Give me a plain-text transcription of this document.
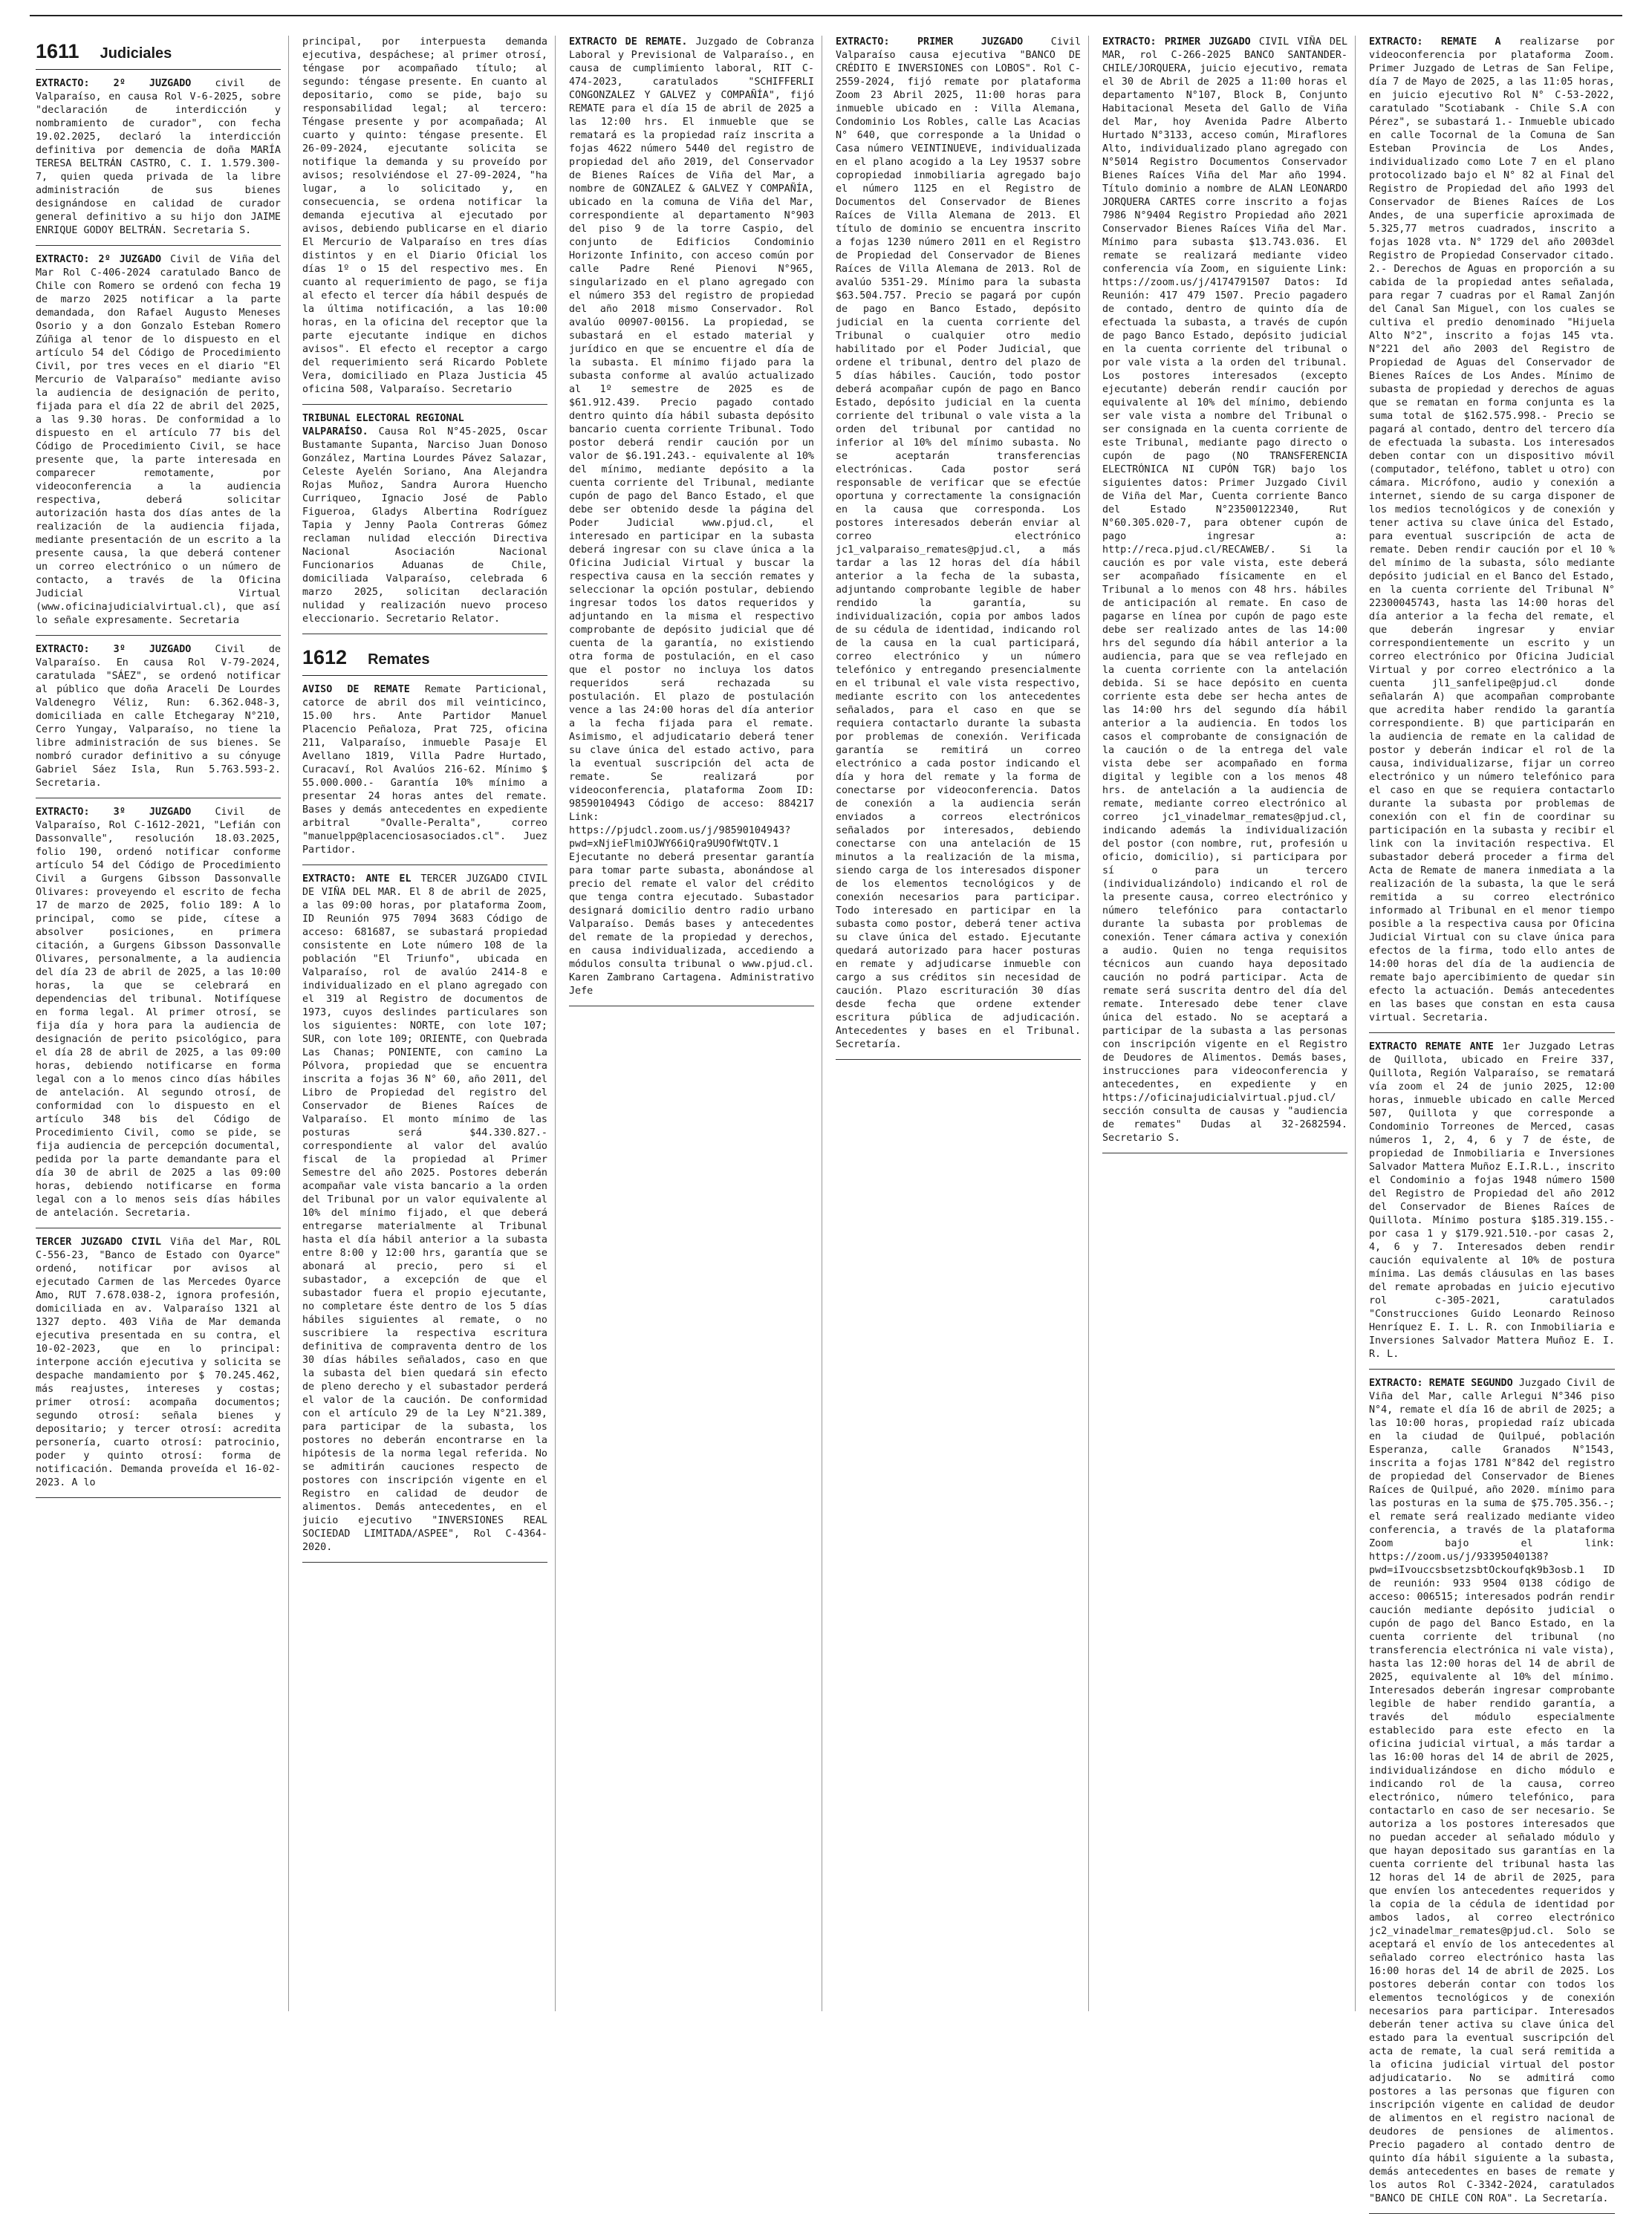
1611 Judiciales

EXTRACTO: 2º JUZGADO civil de Valparaíso, en causa Rol V-6-2025, sobre "declaración de interdicción y nombramiento de curador", con fecha 19.02.2025, declaró la interdicción definitiva por demencia de doña MARÍA TERESA BELTRÁN CASTRO, C. I. 1.579.300-7, quien queda privada de la libre administración de sus bienes designándose en calidad de curador general definitivo a su hijo don JAIME ENRIQUE GODOY BELTRÁN. Secretaria S.

EXTRACTO: 2º JUZGADO Civil de Viña del Mar Rol C-406-2024 caratulado Banco de Chile con Romero se ordenó con fecha 19 de marzo 2025 notificar a la parte demandada, don Rafael Augusto Meneses Osorio y a don Gonzalo Esteban Romero Zúñiga al tenor de lo dispuesto en el artículo 54 del Código de Procedimiento Civil, por tres veces en el diario "El Mercurio de Valparaíso" mediante aviso la audiencia de designación de perito, fijada para el día 22 de abril del 2025, a las 9.30 horas. De conformidad a lo dispuesto en el artículo 77 bis del Código de Procedimiento Civil, se hace presente que, la parte interesada en comparecer remotamente, por videoconferencia a la audiencia respectiva, deberá solicitar autorización hasta dos días antes de la realización de la audiencia fijada, mediante presentación de un escrito a la presente causa, la que deberá contener un correo electrónico o un número de contacto, a través de la Oficina Judicial Virtual (www.oficinajudicialvirtual.cl), que así lo señale expresamente. Secretaria

EXTRACTO: 3º JUZGADO Civil de Valparaíso. En causa Rol V-79-2024, caratulada "SÁEZ", se ordenó notificar al público que doña Araceli De Lourdes Valdenegro Véliz, Run: 6.362.048-3, domiciliada en calle Etchegaray N°210, Cerro Yungay, Valparaíso, no tiene la libre administración de sus bienes. Se nombró curador definitivo a su cónyuge Gabriel Sáez Isla, Run 5.763.593-2. Secretaria.

EXTRACTO: 3º JUZGADO Civil de Valparaíso, Rol C-1612-2021, "Lefián con Dassonvalle", resolución 18.03.2025, folio 190, ordenó notificar conforme artículo 54 del Código de Procedimiento Civil a Gurgens Gibsson Dassonvalle Olivares: proveyendo el escrito de fecha 17 de marzo de 2025, folio 189: A lo principal, como se pide, cítese a absolver posiciones, en primera citación, a Gurgens Gibsson Dassonvalle Olivares, personalmente, a la audiencia del día 23 de abril de 2025, a las 10:00 horas, la que se celebrará en dependencias del tribunal. Notifíquese en forma legal. Al primer otrosí, se fija día y hora para la audiencia de designación de perito psicológico, para el día 28 de abril de 2025, a las 09:00 horas, debiendo notificarse en forma legal con a lo menos cinco días hábiles de antelación. Al segundo otrosí, de conformidad con lo dispuesto en el artículo 348 bis del Código de Procedimiento Civil, como se pide, se fija audiencia de percepción documental, pedida por la parte demandante para el día 30 de abril de 2025 a las 09:00 horas, debiendo notificarse en forma legal con a lo menos seis días hábiles de antelación. Secretaria.

TERCER JUZGADO CIVIL Viña del Mar, ROL C-556-23, "Banco de Estado con Oyarce" ordenó, notificar por avisos al ejecutado Carmen de las Mercedes Oyarce Amo, RUT 7.678.038-2, ignora profesión, domiciliada en av. Valparaíso 1321 al 1327 depto. 403 Viña de Mar demanda ejecutiva presentada en su contra, el 10-02-2023, que en lo principal: interpone acción ejecutiva y solicita se despache mandamiento por $ 70.245.462, más reajustes, intereses y costas; primer otrosí: acompaña documentos; segundo otrosí: señala bienes y depositario; y tercer otrosí: acredita personería, cuarto otrosí: patrocinio, poder y quinto otrosí: forma de notificación. Demanda proveída el 16-02-2023. A lo

principal, por interpuesta demanda ejecutiva, despáchese; al primer otrosí, téngase por acompañado título; al segundo: téngase presente. En cuanto al depositario, como se pide, bajo su responsabilidad legal; al tercero: Téngase presente y por acompañada; Al cuarto y quinto: téngase presente. El 26-09-2024, ejecutante solicita se notifique la demanda y su proveído por avisos; resolviéndose el 27-09-2024, "ha lugar, a lo solicitado y, en consecuencia, se ordena notificar la demanda ejecutiva al ejecutado por avisos, debiendo publicarse en el diario El Mercurio de Valparaíso en tres días distintos y en el Diario Oficial los días 1º o 15 del respectivo mes. En cuanto al requerimiento de pago, se fija al efecto el tercer día hábil después de la última notificación, a las 10:00 horas, en la oficina del receptor que la parte ejecutante indique en dichos avisos". El efecto el receptor a cargo del requerimiento será Ricardo Poblete Vera, domiciliado en Plaza Justicia 45 oficina 508, Valparaíso. Secretario

TRIBUNAL ELECTORAL REGIONAL
VALPARAÍSO. Causa Rol N°45-2025, Oscar Bustamante Supanta, Narciso Juan Donoso González, Martina Lourdes Pávez Salazar, Celeste Ayelén Soriano, Ana Alejandra Rojas Muñoz, Sandra Aurora Huencho Curriqueo, Ignacio José de Pablo Figueroa, Gladys Albertina Rodríguez Tapia y Jenny Paola Contreras Gómez reclaman nulidad elección Directiva Nacional Asociación Nacional Funcionarios Aduanas de Chile, domiciliada Valparaíso, celebrada 6 marzo 2025, solicitan declaración nulidad y realización nuevo proceso eleccionario. Secretario Relator.

1612 Remates

AVISO DE REMATE Remate Particional, catorce de abril dos mil veinticinco, 15.00 hrs. Ante Partidor Manuel Placencio Peñaloza, Prat 725, oficina 211, Valparaíso, inmueble Pasaje El Avellano 1819, Villa Padre Hurtado, Curacaví, Rol Avalúos 216-62. Mínimo $ 55.000.000.- Garantía 10% mínimo a presentar 24 horas antes del remate. Bases y demás antecedentes en expediente arbitral "Ovalle-Peralta", correo "manuelpp@placenciosasociados.cl". Juez Partidor.

EXTRACTO: ANTE EL TERCER JUZGADO CIVIL DE VIÑA DEL MAR. El 8 de abril de 2025, a las 09:00 horas, por plataforma Zoom, ID Reunión 975 7094 3683 Código de acceso: 681687, se subastará propiedad consistente en Lote número 108 de la población "El Triunfo", ubicada en Valparaíso, rol de avalúo 2414-8 e individualizado en el plano agregado con el 319 al Registro de documentos de 1973, cuyos deslindes particulares son los siguientes: NORTE, con lote 107; SUR, con lote 109; ORIENTE, con Quebrada Las Chanas; PONIENTE, con camino La Pólvora, propiedad que se encuentra inscrita a fojas 36 N° 60, año 2011, del Libro de Propiedad del registro del Conservador de Bienes Raíces de Valparaíso. El monto mínimo de las posturas será $44.330.827.- correspondiente al valor del avalúo fiscal de la propiedad al Primer Semestre del año 2025. Postores deberán acompañar vale vista bancario a la orden del Tribunal por un valor equivalente al 10% del mínimo fijado, el que deberá entregarse materialmente al Tribunal hasta el día hábil anterior a la subasta entre 8:00 y 12:00 hrs, garantía que se abonará al precio, pero si el subastador, a excepción de que el subastador fuera el propio ejecutante, no completare éste dentro de los 5 días hábiles siguientes al remate, o no suscribiere la respectiva escritura definitiva de compraventa dentro de los 30 días hábiles señalados, caso en que la subasta del bien quedará sin efecto de pleno derecho y el subastador perderá el valor de la caución. De conformidad con el artículo 29 de la Ley N°21.389, para participar de la subasta, los postores no deberán encontrarse en la hipótesis de la norma legal referida. No se admitirán cauciones respecto de postores con inscripción vigente en el Registro en calidad de deudor de alimentos. Demás antecedentes, en el juicio ejecutivo "INVERSIONES REAL SOCIEDAD LIMITADA/ASPEE", Rol C-4364-2020.

EXTRACTO DE REMATE. Juzgado de Cobranza Laboral y Previsional de Valparaíso., en causa de cumplimiento laboral, RIT C-474-2023, caratulados "SCHIFFERLI CONGONZALEZ Y GALVEZ y COMPAÑÍA", fijó REMATE para el día 15 de abril de 2025 a las 12:00 hrs. El inmueble que se rematará es la propiedad raíz inscrita a fojas 4622 número 5440 del registro de propiedad del año 2019, del Conservador de Bienes Raíces de Viña del Mar, a nombre de GONZALEZ & GALVEZ Y COMPAÑÍA, ubicado en la comuna de Viña del Mar, correspondiente al departamento N°903 del piso 9 de la torre Caspio, del conjunto de Edificios Condominio Horizonte Infinito, con acceso común por calle Padre René Pienovi N°965, singularizado en el plano agregado con el número 353 del registro de propiedad del año 2018 mismo Conservador. Rol avalúo 00907-00156. La propiedad, se subastará en el estado material y jurídico en que se encuentre el día de la subasta. El mínimo fijado para la subasta conforme al avalúo actualizado al 1º semestre de 2025 es de $61.912.439. Precio pagado contado dentro quinto día hábil subasta depósito bancario cuenta corriente Tribunal. Todo postor deberá rendir caución por un valor de $6.191.243.- equivalente al 10% del mínimo, mediante depósito a la cuenta corriente del Tribunal, mediante cupón de pago del Banco Estado, el que debe ser obtenido desde la página del Poder Judicial www.pjud.cl, el interesado en participar en la subasta deberá ingresar con su clave única a la Oficina Judicial Virtual y buscar la respectiva causa en la sección remates y seleccionar la opción postular, debiendo ingresar todos los datos requeridos y adjuntando en la misma el respectivo comprobante de depósito judicial que dé cuenta de la garantía, no existiendo otra forma de postulación, en el caso que el postor no incluya los datos requeridos será rechazada su postulación. El plazo de postulación vence a las 24:00 horas del día anterior a la fecha fijada para el remate. Asimismo, el adjudicatario deberá tener su clave única del estado activo, para la eventual suscripción del acta de remate. Se realizará por videoconferencia, plataforma Zoom ID: 98590104943 Código de acceso: 884217 Link: https://pjudcl.zoom.us/j/98590104943?pwd=xNjieFlmiOJWY66iQra9U9OfWtQTV.1 Ejecutante no deberá presentar garantía para tomar parte subasta, abonándose al precio del remate el valor del crédito que tenga contra ejecutado. Subastador designará domicilio dentro radio urbano Valparaíso. Demás bases y antecedentes del remate de la propiedad y derechos, en causa individualizada, accediendo a módulos consulta tribunal o www.pjud.cl. Karen Zambrano Cartagena. Administrativo Jefe

EXTRACTO: PRIMER JUZGADO	Civil Valparaíso causa ejecutiva "BANCO DE CRÉDITO E INVERSIONES con LOBOS". Rol C-2559-2024, fijó remate por plataforma Zoom 23 Abril 2025, 11:00 horas para inmueble ubicado en : Villa Alemana, Condominio Los Robles, calle Las Acacias N° 640, que corresponde a la Unidad o Casa número VEINTINUEVE, individualizada en el plano acogido a la Ley 19537 sobre copropiedad inmobiliaria agregado bajo el número 1125 en el Registro de Documentos del Conservador de Bienes Raíces de Villa Alemana de 2013. El título de dominio se encuentra inscrito a fojas 1230 número 2011 en el Registro de Propiedad del Conservador de Bienes Raíces de Villa Alemana de 2013. Rol de avalúo 5351-29. Mínimo para la subasta $63.504.757. Precio se pagará por cupón de pago en Banco Estado, depósito judicial en la cuenta corriente del Tribunal o cualquier otro medio habilitado por el Poder Judicial, que ordene el tribunal, dentro del plazo de 5 días hábiles. Caución, todo postor deberá acompañar cupón de pago en Banco Estado, depósito judicial en la cuenta corriente del tribunal o vale vista a la orden del tribunal por cantidad no inferior al 10% del mínimo subasta. No se aceptarán transferencias electrónicas. Cada postor será responsable de verificar que se efectúe oportuna y correctamente la consignación en la causa que corresponda. Los postores interesados deberán enviar al correo electrónico jc1_valparaiso_remates@pjud.cl, a más tardar a las 12 horas del día hábil anterior a la fecha de la subasta, adjuntando comprobante legible de haber rendido la garantía, su individualización, copia por ambos lados de su cédula de identidad, indicando rol de la causa en la cual participará, correo electrónico y un número telefónico y entregando presencialmente en el tribunal el vale vista respectivo, mediante escrito con los antecedentes señalados, para el caso en que se requiera contactarlo durante la subasta por problemas de conexión. Verificada garantía se remitirá un correo electrónico a cada postor indicando el día y hora del remate y la forma de conectarse por videoconferencia. Datos de conexión a la audiencia serán enviados a correos electrónicos señalados por interesados, debiendo conectarse con una antelación de 15 minutos a la realización de la misma, siendo carga de los interesados disponer de los elementos tecnológicos y de conexión necesarios para participar. Todo interesado en participar en la subasta como postor, deberá tener activa su clave única del estado. Ejecutante quedará autorizado para hacer posturas en remate y adjudicarse inmueble con cargo a sus créditos sin necesidad de caución. Plazo escrituración 30 días desde fecha que ordene extender escritura pública de adjudicación. Antecedentes y bases en el Tribunal. Secretaría.

EXTRACTO: PRIMER JUZGADO CIVIL VIÑA DEL MAR, rol C-266-2025 BANCO SANTANDER-CHILE/JORQUERA, juicio ejecutivo, remata el 30 de Abril de 2025 a 11:00 horas el departamento N°107, Block B, Conjunto Habitacional Meseta del Gallo de Viña del Mar, hoy Avenida Padre Alberto Hurtado N°3133, acceso común, Miraflores Alto, individualizado plano agregado con N°5014 Registro Documentos Conservador Bienes Raíces Viña del Mar año 1994. Título dominio a nombre de ALAN LEONARDO JORQUERA CARTES corre inscrito a fojas 7986 N°9404 Registro Propiedad año 2021 Conservador Bienes Raíces Viña del Mar. Mínimo para subasta $13.743.036. El remate se realizará mediante video conferencia vía Zoom, en siguiente Link: https://zoom.us/j/4174791507 Datos: Id Reunión: 417 479 1507. Precio pagadero de contado, dentro de quinto día de efectuada la subasta, a través de cupón de pago Banco Estado, depósito judicial en la cuenta corriente del tribunal o por vale vista a la orden del tribunal. Los postores interesados (excepto ejecutante) deberán rendir caución por equivalente al 10% del mínimo, debiendo ser vale vista a nombre del Tribunal o ser consignada en la cuenta corriente de este Tribunal, mediante pago directo o cupón de pago (NO TRANSFERENCIA ELECTRÓNICA NI CUPÓN TGR) bajo los siguientes datos: Primer Juzgado Civil de Viña del Mar, Cuenta corriente Banco del Estado N°23500122340, Rut N°60.305.020-7, para obtener cupón de pago ingresar a: http://reca.pjud.cl/RECAWEB/. Si la caución es por vale vista, este deberá ser acompañado físicamente en el Tribunal a lo menos con 48 hrs. hábiles de anticipación al remate. En caso de pagarse en línea por cupón de pago este debe ser realizado antes de las 14:00 hrs del segundo día hábil anterior a la audiencia, para que se vea reflejado en la cuenta corriente con la antelación debida. Si se hace depósito en cuenta corriente esta debe ser hecha antes de las 14:00 hrs del segundo día hábil anterior a la audiencia. En todos los casos el comprobante de consignación de la caución o de la entrega del vale vista debe ser acompañado en forma digital y legible con a los menos 48 hrs. de antelación a la audiencia de remate, mediante correo electrónico al correo jc1_vinadelmar_remates@pjud.cl, indicando además la individualización del postor (con nombre, rut, profesión u oficio, domicilio), si participara por sí o para un tercero (individualizándolo) indicando el rol de la presente causa, correo electrónico y número telefónico para contactarlo durante la subasta por problemas de conexión. Tener cámara activa y conexión a audio. Quien no tenga requisitos técnicos aun cuando haya depositado caución no podrá participar. Acta de remate será suscrita dentro del día del remate. Interesado debe tener clave única del estado. No se aceptará a participar de la subasta a las personas con inscripción vigente en el Registro de Deudores de Alimentos. Demás bases, instrucciones para videoconferencia y antecedentes, en expediente y en https://oficinajudicialvirtual.pjud.cl/ sección consulta de causas y "audiencia de remates" Dudas al 32-2682594. Secretario S.

EXTRACTO: REMATE A realizarse por videoconferencia por plataforma Zoom. Primer Juzgado de Letras de San Felipe, día 7 de Mayo de 2025, a las 11:05 horas, en juicio ejecutivo Rol N° C-53-2022, caratulado "Scotiabank - Chile S.A con Pérez", se subastará 1.- Inmueble ubicado en calle Tocornal de la Comuna de San Esteban Provincia de Los Andes, individualizado como Lote 7 en el plano protocolizado bajo el N° 82 al Final del Registro de Propiedad del año 1993 del Conservador de Bienes Raíces de Los Andes, de una superficie aproximada de 5.325,77 metros cuadrados, inscrito a fojas 1028 vta. N° 1729 del año 2003del Registro de Propiedad Conservador citado. 2.- Derechos de Aguas en proporción a su cabida de la propiedad antes señalada, para regar 7 cuadras por el Ramal Zanjón del Canal San Miguel, con los cuales se cultiva el predio denominado "Hijuela Alto N°2", inscrito a fojas 145 vta. N°221 del año 2003 del Registro de Propiedad de Aguas del Conservador de Bienes Raíces de Los Andes. Mínimo de subasta de propiedad y derechos de aguas que se rematan en forma conjunta es la suma total de $162.575.998.- Precio se pagará al contado, dentro del tercero día de efectuada la subasta. Los interesados deben contar con un dispositivo móvil (computador, teléfono, tablet u otro) con cámara. Micrófono, audio y conexión a internet, siendo de su carga disponer de los medios tecnológicos y de conexión y tener activa su clave única del Estado, para eventual suscripción de acta de remate. Deben rendir caución por el 10 % del mínimo de la subasta, sólo mediante depósito judicial en el Banco del Estado, en la cuenta corriente del Tribunal N° 22300045743, hasta las 14:00 horas del día anterior a la fecha del remate, el que deberán ingresar y enviar correspondientemente un escrito y un correo electrónico por Oficina Judicial Virtual y por correo electrónico a la cuenta jl1_sanfelipe@pjud.cl donde señalarán A) que acompañan comprobante que acredita haber rendido la garantía correspondiente. B) que participarán en la audiencia de remate en la calidad de postor y deberán indicar el rol de la causa, individualizarse, fijar un correo electrónico y un número telefónico para el caso en que se requiera contactarlo durante la subasta por problemas de conexión con el fin de coordinar su participación en la subasta y recibir el link con la invitación respectiva. El subastador deberá proceder a firma del Acta de Remate de manera inmediata a la realización de la subasta, la que le será remitida a su correo electrónico informado al Tribunal en el menor tiempo posible a la respectiva causa por Oficina Judicial Virtual con su clave única para efectos de la firma, todo ello antes de 14:00 horas del día de la audiencia de remate bajo apercibimiento de quedar sin efecto la actuación. Demás antecedentes en las bases que constan en esta causa virtual. Secretaria.

EXTRACTO REMATE ANTE 1er Juzgado Letras de Quillota, ubicado en Freire 337, Quillota, Región Valparaíso, se rematará vía zoom el 24 de junio 2025, 12:00 horas, inmueble ubicado en calle Merced 507, Quillota y que corresponde a Condominio Torreones de Merced, casas números 1, 2, 4, 6 y 7 de éste, de propiedad de Inmobiliaria e Inversiones Salvador Mattera Muñoz E.I.R.L., inscrito el Condominio a fojas 1948 número 1500 del Registro de Propiedad del año 2012 del Conservador de Bienes Raíces de Quillota. Mínimo postura $185.319.155.-por casa 1 y $179.921.510.-por casas 2, 4, 6 y 7. Interesados deben rendir caución equivalente al 10% de postura mínima. Las demás cláusulas en las bases del remate aprobadas en juicio ejecutivo rol c-305-2021, caratulados "Construcciones Guido Leonardo Reinoso Henríquez E. I. L. R. con Inmobiliaria e Inversiones Salvador Mattera Muñoz E. I. R. L.

EXTRACTO: REMATE SEGUNDO Juzgado Civil de Viña del Mar, calle Arlegui N°346 piso N°4, remate el día 16 de abril de 2025; a las 10:00 horas, propiedad raíz ubicada en la ciudad de Quilpué, población Esperanza, calle Granados N°1543, inscrita a fojas 1781 N°842 del registro de propiedad del Conservador de Bienes Raíces de Quilpué, año 2020. mínimo para las posturas en la suma de $75.705.356.-; el remate será realizado mediante video conferencia, a través de la plataforma Zoom bajo el link: https://zoom.us/j/93395040138?pwd=iIvouccsbsetzsbtOckoufqk9b3osb.1 ID de reunión: 933 9504 0138 código de acceso: 006515; interesados podrán rendir caución mediante depósito judicial o cupón de pago del Banco Estado, en la cuenta corriente del tribunal (no transferencia electrónica ni vale vista), hasta las 12:00 horas del 14 de abril de 2025, equivalente al 10% del mínimo. Interesados deberán ingresar comprobante legible de haber rendido garantía, a través del módulo especialmente establecido para este efecto en la oficina judicial virtual, a más tardar a las 16:00 horas del 14 de abril de 2025, individualizándose en dicho módulo e indicando rol de la causa, correo electrónico, número telefónico, para contactarlo en caso de ser necesario. Se autoriza a los postores interesados que no puedan acceder al señalado módulo y que hayan depositado sus garantías en la cuenta corriente del tribunal hasta las 12 horas del 14 de abril de 2025, para que envíen los antecedentes requeridos y la copia de la cédula de identidad por ambos lados, al correo electrónico jc2_vinadelmar_remates@pjud.cl. Solo se aceptará el envío de los antecedentes al señalado correo electrónico hasta las 16:00 horas del 14 de abril de 2025. Los postores deberán contar con todos los elementos tecnológicos y de conexión necesarios para participar. Interesados deberán tener activa su clave única del estado para la eventual suscripción del acta de remate, la cual será remitida a la oficina judicial virtual del postor adjudicatario. No se admitirá como postores a las personas que figuren con inscripción vigente en calidad de deudor de alimentos en el registro nacional de deudores de pensiones de alimentos. Precio pagadero al contado dentro de quinto día hábil siguiente a la subasta, demás antecedentes en bases de remate y los autos Rol C-3342-2024, caratulados "BANCO DE CHILE CON ROA". La Secretaría.
